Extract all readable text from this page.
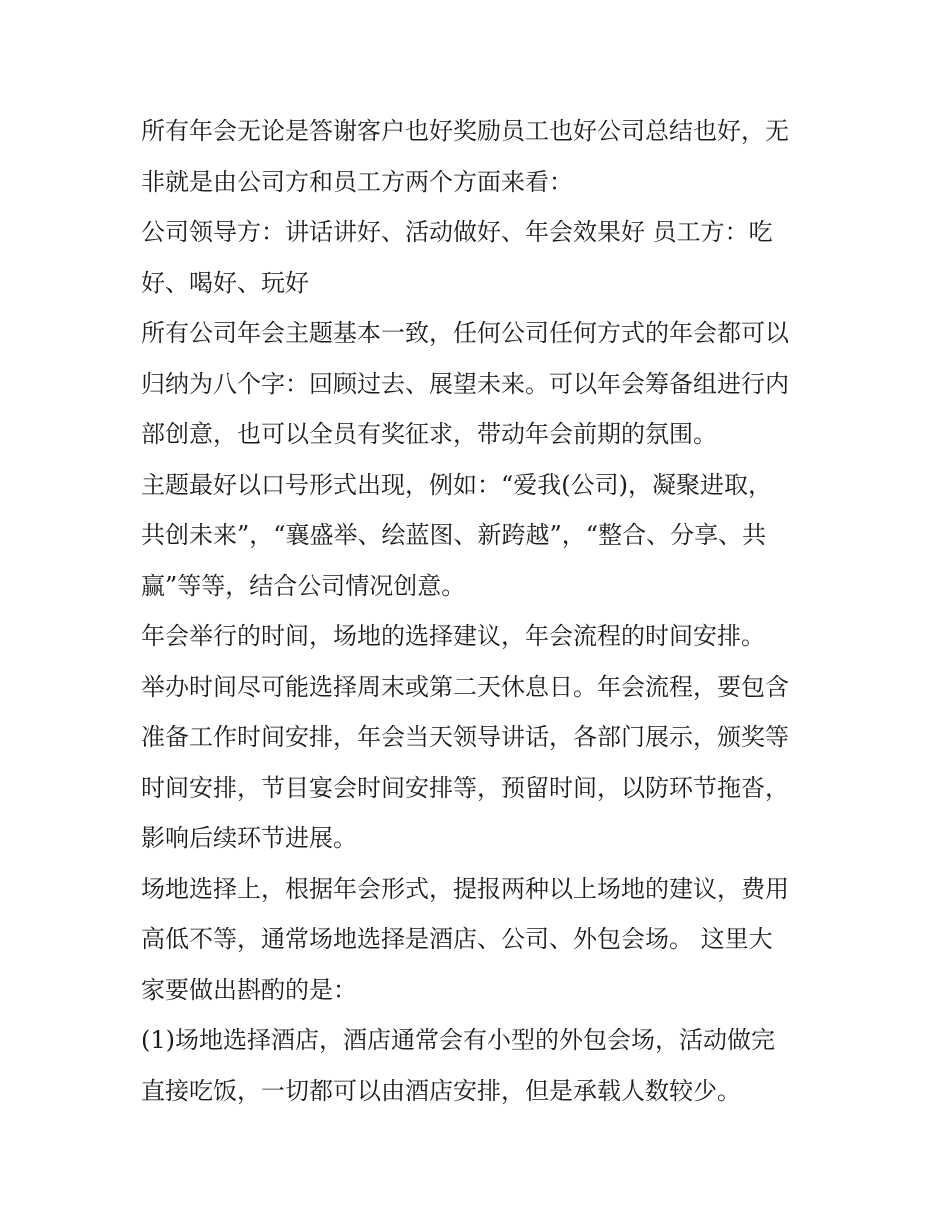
所有年会无论是答谢客户也好奖励员工也好公司总结也好，无
非就是由公司方和员工方两个方面来看：

公司领导方：讲话讲好、活动做好、年会效果好 员工方：吃
好、喝好、玩好

所有公司年会主题基本一致，任何公司任何方式的年会都可以
归纳为八个字：回顾过去、展望未来。可以年会筹备组进行内
部创意，也可以全员有奖征求，带动年会前期的氛围。

主题最好以口号形式出现，例如：“爱我(公司)，凝聚进取，
共创未来”，“襄盛举、绘蓝图、新跨越”，“整合、分享、共
赢”等等，结合公司情况创意。

年会举行的时间，场地的选择建议，年会流程的时间安排。

举办时间尽可能选择周末或第二天休息日。年会流程，要包含
准备工作时间安排，年会当天领导讲话，各部门展示，颁奖等
时间安排，节目宴会时间安排等，预留时间，以防环节拖沓，
影响后续环节进展。

场地选择上，根据年会形式，提报两种以上场地的建议，费用
高低不等，通常场地选择是酒店、公司、外包会场。 这里大
家要做出斟酌的是：

(1)场地选择酒店，酒店通常会有小型的外包会场，活动做完
直接吃饭，一切都可以由酒店安排，但是承载人数较少。
